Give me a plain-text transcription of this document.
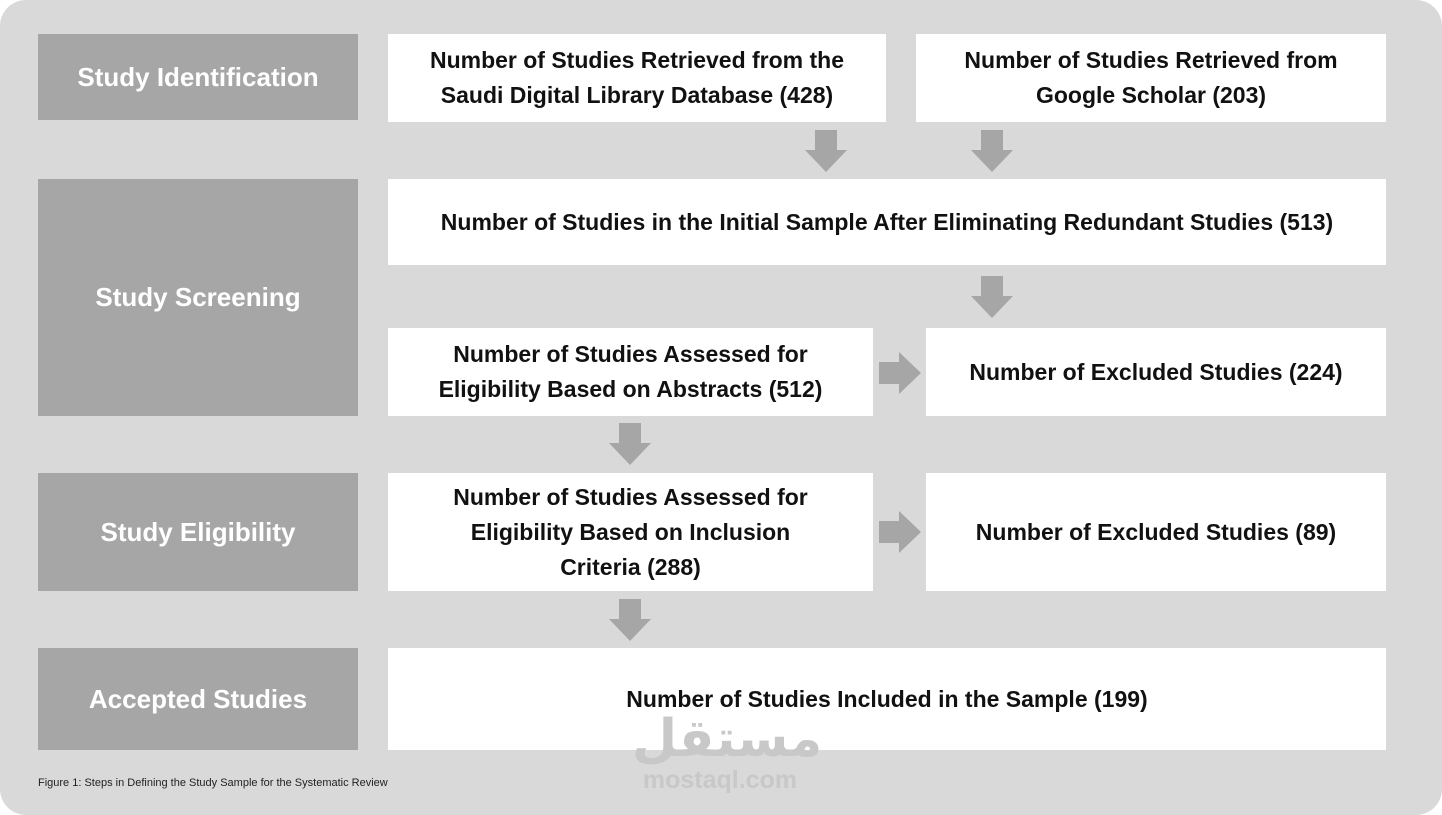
Study Identification
Study Screening
Study Eligibility
Accepted Studies
Number of Studies Retrieved from the Saudi Digital Library Database (428)
Number of Studies Retrieved from Google Scholar (203)
Number of Studies in the Initial Sample After Eliminating Redundant Studies (513)
Number of Studies Assessed for Eligibility Based on Abstracts (512)
Number of Excluded Studies (224)
Number of Studies Assessed for Eligibility Based on Inclusion Criteria (288)
Number of Excluded Studies (89)
Number of Studies Included in the Sample (199)
مستقل
mostaql.com
Figure 1: Steps in Defining the Study Sample for the Systematic Review
